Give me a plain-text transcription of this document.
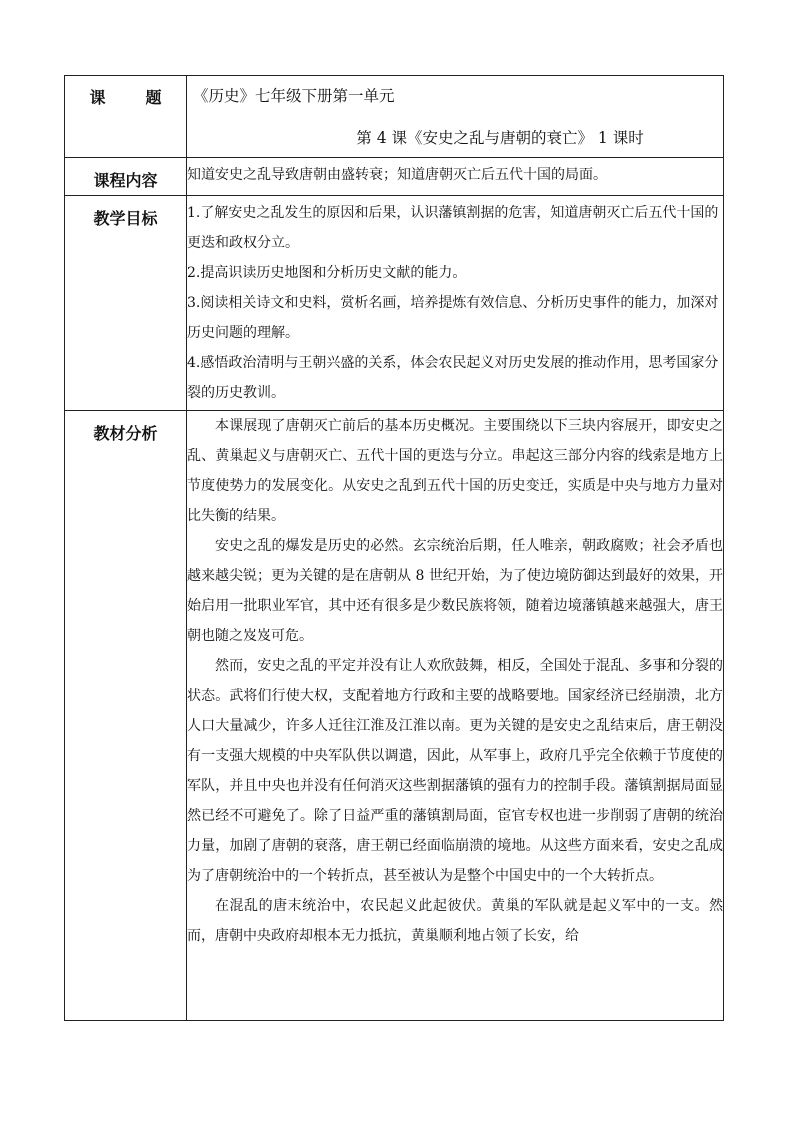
课 题	《历史》七年级下册第一单元
第 4 课《安史之乱与唐朝的衰亡》 1 课时

课程内容	知道安史之乱导致唐朝由盛转衰；知道唐朝灭亡后五代十国的局面。

教学目标	1.了解安史之乱发生的原因和后果，认识藩镇割据的危害，知道唐朝灭亡后五代十国的更迭和政权分立。

2.提高识读历史地图和分析历史文献的能力。

3.阅读相关诗文和史料，赏析名画，培养提炼有效信息、分析历史事件的能力，加深对历史问题的理解。

4.感悟政治清明与王朝兴盛的关系，体会农民起义对历史发展的推动作用，思考国家分裂的历史教训。

教材分析	本课展现了唐朝灭亡前后的基本历史概况。主要围绕以下三块内容展开，即安史之乱、黄巢起义与唐朝灭亡、五代十国的更迭与分立。串起这三部分内容的线索是地方上节度使势力的发展变化。从安史之乱到五代十国的历史变迁，实质是中央与地方力量对比失衡的结果。

安史之乱的爆发是历史的必然。玄宗统治后期，任人唯亲，朝政腐败；社会矛盾也越来越尖锐；更为关键的是在唐朝从 8 世纪开始，为了使边境防御达到最好的效果，开始启用一批职业军官，其中还有很多是少数民族将领，随着边境藩镇越来越强大，唐王朝也随之岌岌可危。

然而，安史之乱的平定并没有让人欢欣鼓舞，相反，全国处于混乱、多事和分裂的状态。武将们行使大权，支配着地方行政和主要的战略要地。国家经济已经崩溃，北方人口大量减少，许多人迁往江淮及江淮以南。更为关键的是安史之乱结束后，唐王朝没有一支强大规模的中央军队供以调遣，因此，从军事上，政府几乎完全依赖于节度使的军队，并且中央也并没有任何消灭这些割据藩镇的强有力的控制手段。藩镇割据局面显然已经不可避免了。除了日益严重的藩镇割局面，宦官专权也进一步削弱了唐朝的统治力量，加剧了唐朝的衰落，唐王朝已经面临崩溃的境地。从这些方面来看，安史之乱成为了唐朝统治中的一个转折点，甚至被认为是整个中国史中的一个大转折点。

在混乱的唐末统治中，农民起义此起彼伏。黄巢的军队就是起义军中的一支。然而，唐朝中央政府却根本无力抵抗，黄巢顺利地占领了长安，给
